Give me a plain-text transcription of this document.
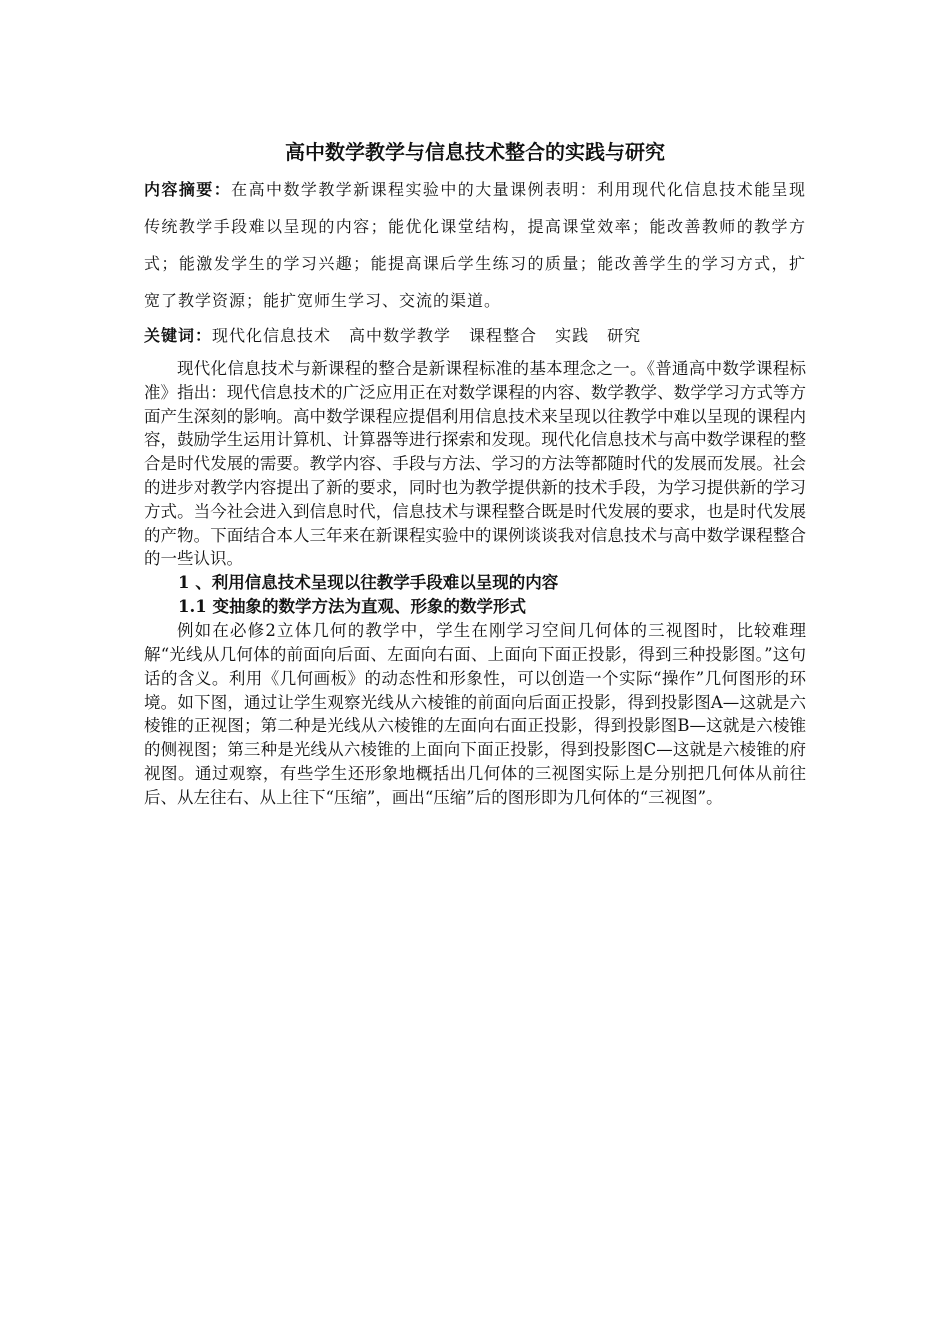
高中数学教学与信息技术整合的实践与研究

内容摘要：在高中数学教学新课程实验中的大量课例表明：利用现代化信息技术能呈现传统教学手段难以呈现的内容；能优化课堂结构，提高课堂效率；能改善教师的教学方式；能激发学生的学习兴趣；能提高课后学生练习的质量；能改善学生的学习方式，扩宽了教学资源；能扩宽师生学习、交流的渠道。

关键词：现代化信息技术 高中数学教学 课程整合 实践 研究

现代化信息技术与新课程的整合是新课程标准的基本理念之一。《普通高中数学课程标准》指出：现代信息技术的广泛应用正在对数学课程的内容、数学教学、数学学习方式等方面产生深刻的影响。高中数学课程应提倡利用信息技术来呈现以往教学中难以呈现的课程内容，鼓励学生运用计算机、计算器等进行探索和发现。现代化信息技术与高中数学课程的整合是时代发展的需要。教学内容、手段与方法、学习的方法等都随时代的发展而发展。社会的进步对教学内容提出了新的要求，同时也为教学提供新的技术手段，为学习提供新的学习方式。当今社会进入到信息时代，信息技术与课程整合既是时代发展的要求，也是时代发展的产物。下面结合本人三年来在新课程实验中的课例谈谈我对信息技术与高中数学课程整合的一些认识。

1 、利用信息技术呈现以往教学手段难以呈现的内容

1.1 变抽象的数学方法为直观、形象的数学形式

例如在必修2立体几何的教学中，学生在刚学习空间几何体的三视图时，比较难理解“光线从几何体的前面向后面、左面向右面、上面向下面正投影，得到三种投影图。”这句话的含义。利用《几何画板》的动态性和形象性，可以创造一个实际“操作”几何图形的环境。如下图，通过让学生观察光线从六棱锥的前面向后面正投影，得到投影图A—这就是六棱锥的正视图；第二种是光线从六棱锥的左面向右面正投影，得到投影图B—这就是六棱锥的侧视图；第三种是光线从六棱锥的上面向下面正投影，得到投影图C—这就是六棱锥的府视图。通过观察，有些学生还形象地概括出几何体的三视图实际上是分别把几何体从前往后、从左往右、从上往下“压缩”，画出“压缩”后的图形即为几何体的“三视图”。
